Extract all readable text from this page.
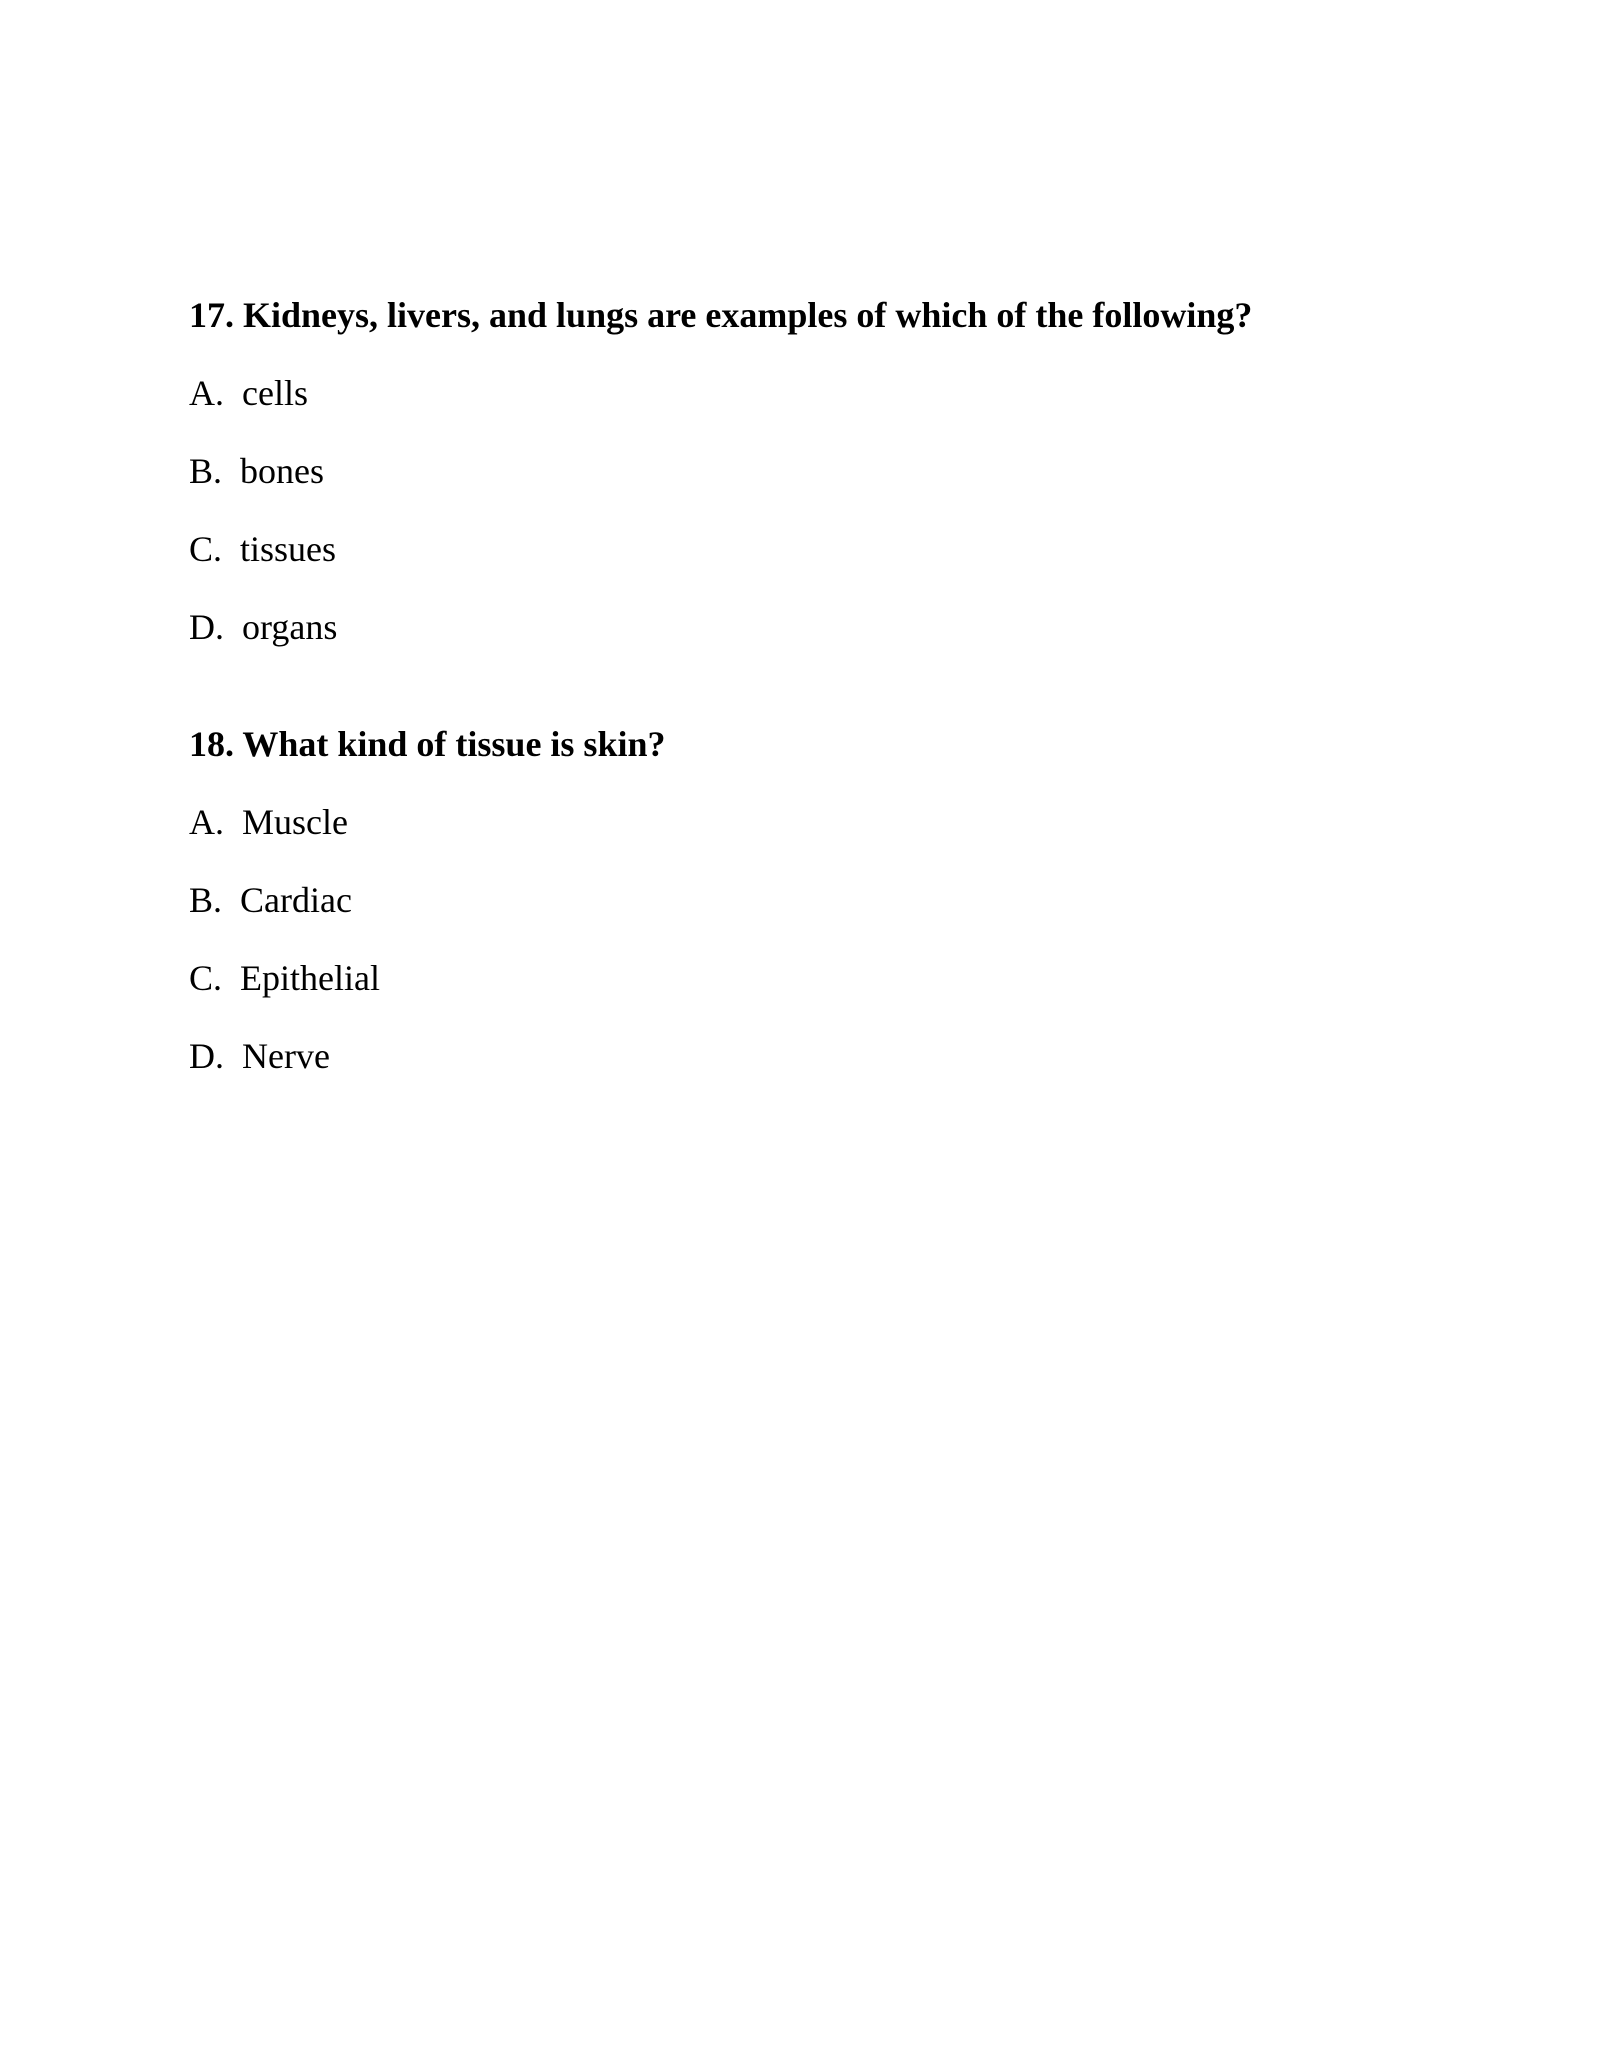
17. Kidneys, livers, and lungs are examples of which of the following?
A. cells
B. bones
C. tissues
D. organs
18. What kind of tissue is skin?
A. Muscle
B. Cardiac
C. Epithelial
D. Nerve
